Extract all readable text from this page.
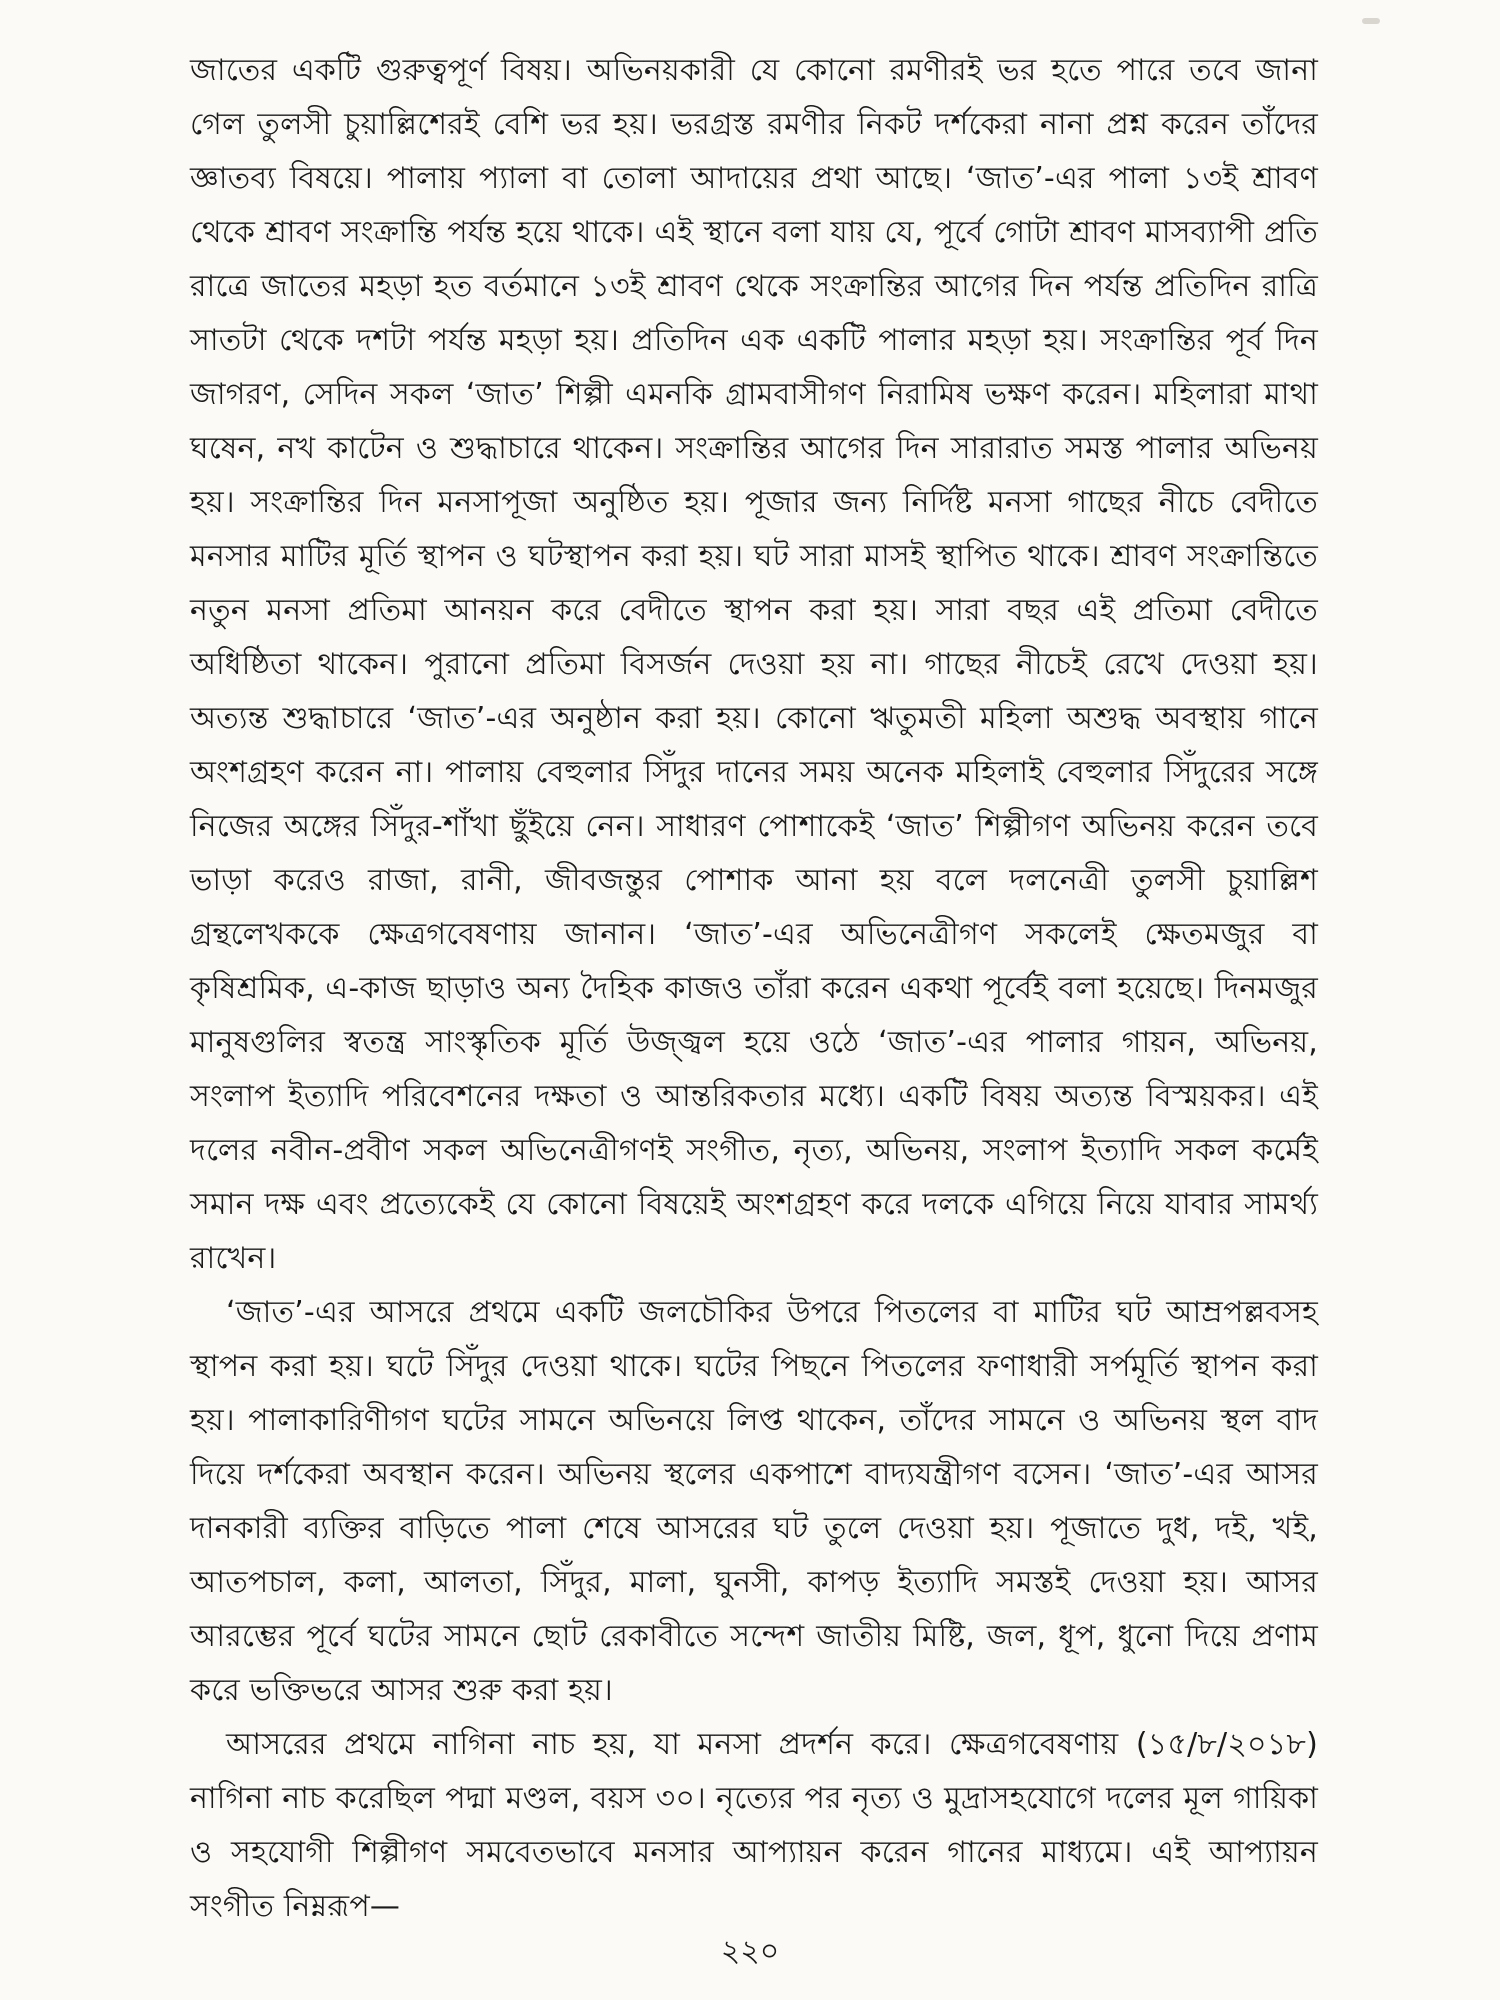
জাতের একটি গুরুত্বপূর্ণ বিষয়। অভিনয়কারী যে কোনো রমণীরই ভর হতে পারে তবে জানা গেল তুলসী চুয়াল্লিশেরই বেশি ভর হয়। ভরগ্রস্ত রমণীর নিকট দর্শকেরা নানা প্রশ্ন করেন তাঁদের জ্ঞাতব্য বিষয়ে। পালায় প্যালা বা তোলা আদায়ের প্রথা আছে। ‘জাত’-এর পালা ১৩ই শ্রাবণ থেকে শ্রাবণ সংক্রান্তি পর্যন্ত হয়ে থাকে। এই স্থানে বলা যায় যে, পূর্বে গোটা শ্রাবণ মাসব্যাপী প্রতি রাত্রে জাতের মহড়া হত বর্তমানে ১৩ই শ্রাবণ থেকে সংক্রান্তির আগের দিন পর্যন্ত প্রতিদিন রাত্রি সাতটা থেকে দশটা পর্যন্ত মহড়া হয়। প্রতিদিন এক একটি পালার মহড়া হয়। সংক্রান্তির পূর্ব দিন জাগরণ, সেদিন সকল ‘জাত’ শিল্পী এমনকি গ্রামবাসীগণ নিরামিষ ভক্ষণ করেন। মহিলারা মাথা ঘষেন, নখ কাটেন ও শুদ্ধাচারে থাকেন। সংক্রান্তির আগের দিন সারারাত সমস্ত পালার অভিনয় হয়। সংক্রান্তির দিন মনসাপূজা অনুষ্ঠিত হয়। পূজার জন্য নির্দিষ্ট মনসা গাছের নীচে বেদীতে মনসার মাটির মূর্তি স্থাপন ও ঘটস্থাপন করা হয়। ঘট সারা মাসই স্থাপিত থাকে। শ্রাবণ সংক্রান্তিতে নতুন মনসা প্রতিমা আনয়ন করে বেদীতে স্থাপন করা হয়। সারা বছর এই প্রতিমা বেদীতে অধিষ্ঠিতা থাকেন। পুরানো প্রতিমা বিসর্জন দেওয়া হয় না। গাছের নীচেই রেখে দেওয়া হয়। অত্যন্ত শুদ্ধাচারে ‘জাত’-এর অনুষ্ঠান করা হয়। কোনো ঋতুমতী মহিলা অশুদ্ধ অবস্থায় গানে অংশগ্রহণ করেন না। পালায় বেহুলার সিঁদুর দানের সময় অনেক মহিলাই বেহুলার সিঁদুরের সঙ্গে নিজের অঙ্গের সিঁদুর-শাঁখা ছুঁইয়ে নেন। সাধারণ পোশাকেই ‘জাত’ শিল্পীগণ অভিনয় করেন তবে ভাড়া করেও রাজা, রানী, জীবজন্তুর পোশাক আনা হয় বলে দলনেত্রী তুলসী চুয়াল্লিশ গ্রন্থলেখককে ক্ষেত্রগবেষণায় জানান। ‘জাত’-এর অভিনেত্রীগণ সকলেই ক্ষেতমজুর বা কৃষিশ্রমিক, এ-কাজ ছাড়াও অন্য দৈহিক কাজও তাঁরা করেন একথা পূর্বেই বলা হয়েছে। দিনমজুর মানুষগুলির স্বতন্ত্র সাংস্কৃতিক মূর্তি উজ্জ্বল হয়ে ওঠে ‘জাত’-এর পালার গায়ন, অভিনয়, সংলাপ ইত্যাদি পরিবেশনের দক্ষতা ও আন্তরিকতার মধ্যে। একটি বিষয় অত্যন্ত বিস্ময়কর। এই দলের নবীন-প্রবীণ সকল অভিনেত্রীগণই সংগীত, নৃত্য, অভিনয়, সংলাপ ইত্যাদি সকল কর্মেই সমান দক্ষ এবং প্রত্যেকেই যে কোনো বিষয়েই অংশগ্রহণ করে দলকে এগিয়ে নিয়ে যাবার সামর্থ্য রাখেন।

‘জাত’-এর আসরে প্রথমে একটি জলচৌকির উপরে পিতলের বা মাটির ঘট আম্রপল্লবসহ স্থাপন করা হয়। ঘটে সিঁদুর দেওয়া থাকে। ঘটের পিছনে পিতলের ফণাধারী সর্পমূর্তি স্থাপন করা হয়। পালাকারিণীগণ ঘটের সামনে অভিনয়ে লিপ্ত থাকেন, তাঁদের সামনে ও অভিনয় স্থল বাদ দিয়ে দর্শকেরা অবস্থান করেন। অভিনয় স্থলের একপাশে বাদ্যযন্ত্রীগণ বসেন। ‘জাত’-এর আসর দানকারী ব্যক্তির বাড়িতে পালা শেষে আসরের ঘট তুলে দেওয়া হয়। পূজাতে দুধ, দই, খই, আতপচাল, কলা, আলতা, সিঁদুর, মালা, ঘুনসী, কাপড় ইত্যাদি সমস্তই দেওয়া হয়। আসর আরম্ভের পূর্বে ঘটের সামনে ছোট রেকাবীতে সন্দেশ জাতীয় মিষ্টি, জল, ধূপ, ধুনো দিয়ে প্রণাম করে ভক্তিভরে আসর শুরু করা হয়।

আসরের প্রথমে নাগিনা নাচ হয়, যা মনসা প্রদর্শন করে। ক্ষেত্রগবেষণায় (১৫/৮/২০১৮) নাগিনা নাচ করেছিল পদ্মা মণ্ডল, বয়স ৩০। নৃত্যের পর নৃত্য ও মুদ্রাসহযোগে দলের মূল গায়িকা ও সহযোগী শিল্পীগণ সমবেতভাবে মনসার আপ্যায়ন করেন গানের মাধ্যমে। এই আপ্যায়ন সংগীত নিম্নরূপ—

২২০
